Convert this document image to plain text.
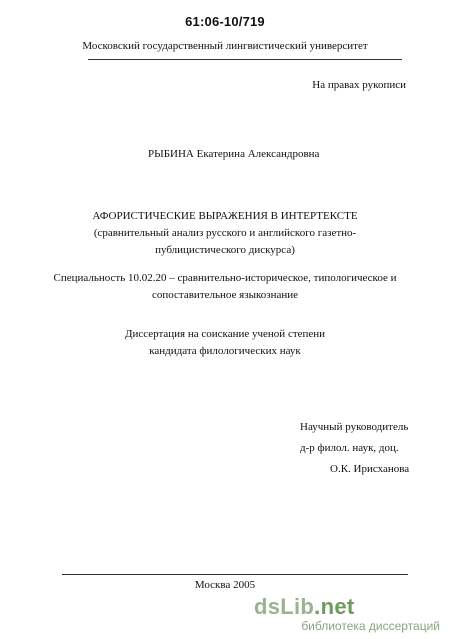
61:06-10/719
Московский государственный лингвистический университет
На правах рукописи
РЫБИНА Екатерина Александровна
АФОРИСТИЧЕСКИЕ ВЫРАЖЕНИЯ В ИНТЕРТЕКСТЕ
(сравнительный анализ русского и английского газетно-
публицистического дискурса)
Специальность 10.02.20 – сравнительно-историческое, типологическое и
сопоставительное языкознание
Диссертация на соискание ученой степени
кандидата филологических наук
Научный руководитель
д-р филол. наук, доц.
О.К. Ирисханова
Москва 2005
dsLib.net
библиотека диссертаций
